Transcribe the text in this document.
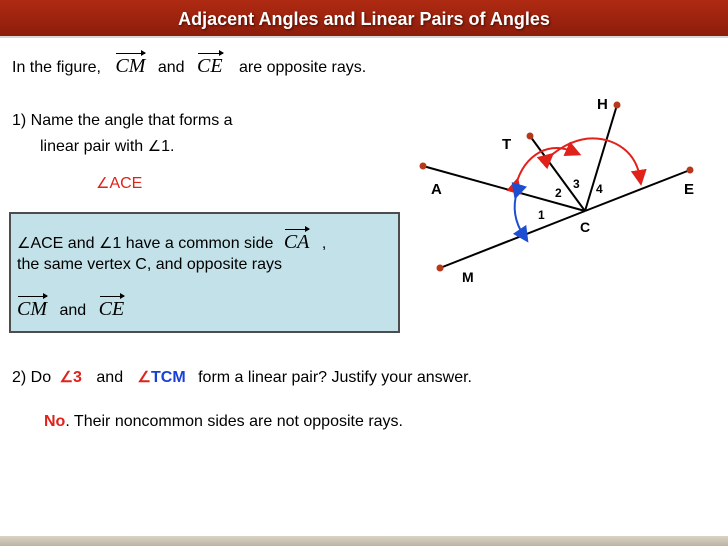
Adjacent Angles and Linear Pairs of Angles
In the figure, CM and CE are opposite rays.
1) Name the angle that forms a
linear pair with ∠1.
∠ACE
∠ACE and ∠1 have a common side CA ,
the same vertex C, and opposite rays
CM and CE
2) Do ∠3 and ∠TCM form a linear pair? Justify your answer.
No. Their noncommon sides are not opposite rays.
A
T
H
E
C
M
1
2
3 4
